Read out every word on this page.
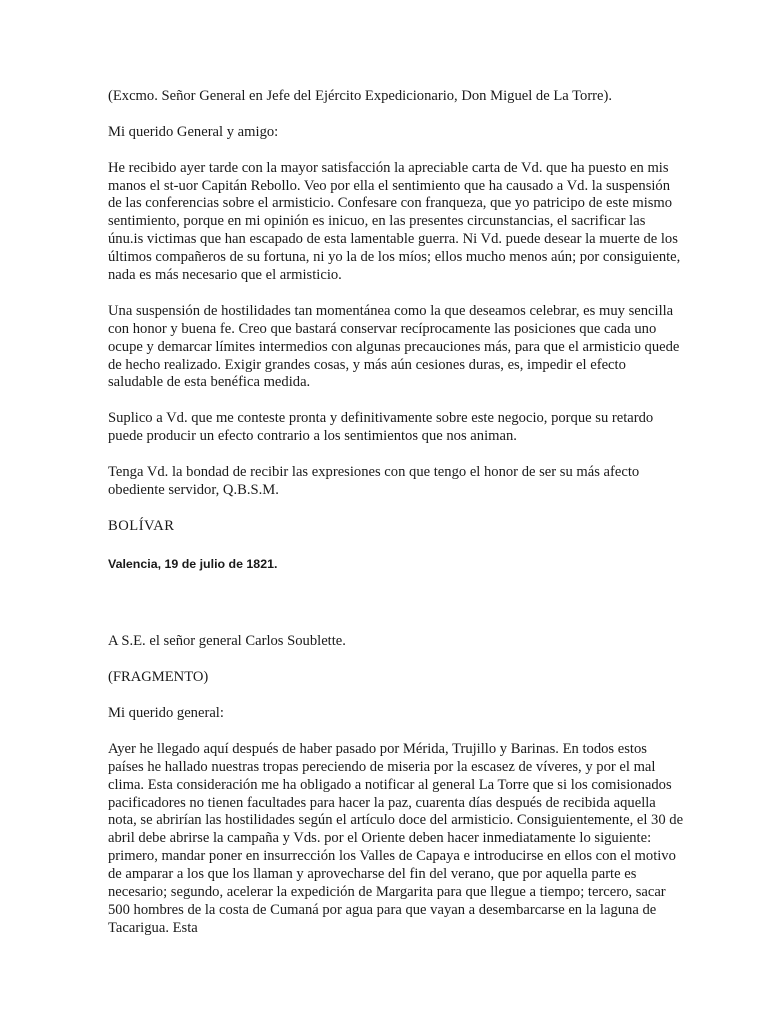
(Excmo. Señor General en Jefe del Ejército Expedicionario, Don Miguel de La Torre).

Mi querido General y amigo:

He recibido ayer tarde con la mayor satisfacción la apreciable carta de Vd. que ha puesto en mis manos el st-uor Capitán Rebollo. Veo por ella el sentimiento que ha causado a Vd. la suspensión de las conferencias sobre el armisticio. Confesare con franqueza, que yo patricipo de este mismo sentimiento, porque en mi opinión es inicuo, en las presentes circunstancias, el sacrificar las únu.is victimas que han escapado de esta lamentable guerra. Ni Vd. puede desear la muerte de los últimos compañeros de su fortuna, ni yo la de los míos; ellos mucho menos aún; por consiguiente, nada es más necesario que el armisticio.

Una suspensión de hostilidades tan momentánea como la que deseamos celebrar, es muy sencilla con honor y buena fe. Creo que bastará conservar recíprocamente las posiciones que cada uno ocupe y demarcar límites intermedios con algunas precauciones más, para que el armisticio quede de hecho realizado. Exigir grandes cosas, y más aún cesiones duras, es, impedir el efecto saludable de esta benéfica medida.

Suplico a Vd. que me conteste pronta y definitivamente sobre este negocio, porque su retardo puede producir un efecto contrario a los sentimientos que nos animan.

Tenga Vd. la bondad de recibir las expresiones con que tengo el honor de ser su más afecto obediente servidor, Q.B.S.M.

BOLÍVAR

Valencia, 19 de julio de 1821.

A S.E. el señor general Carlos Soublette.

(FRAGMENTO)

Mi querido general:

Ayer he llegado aquí después de haber pasado por Mérida, Trujillo y Barinas. En todos estos países he hallado nuestras tropas pereciendo de miseria por la escasez de víveres, y por el mal clima. Esta consideración me ha obligado a notificar al general La Torre que si los comisionados pacificadores no tienen facultades para hacer la paz, cuarenta días después de recibida aquella nota, se abrirían las hostilidades según el artículo doce del armisticio. Consiguientemente, el 30 de abril debe abrirse la campaña y Vds. por el Oriente deben hacer inmediatamente lo siguiente: primero, mandar poner en insurrección los Valles de Capaya e introducirse en ellos con el motivo de amparar a los que los llaman y aprovecharse del fin del verano, que por aquella parte es necesario; segundo, acelerar la expedición de Margarita para que llegue a tiempo; tercero, sacar 500 hombres de la costa de Cumaná por agua para que vayan a desembarcarse en la laguna de Tacarigua. Esta
